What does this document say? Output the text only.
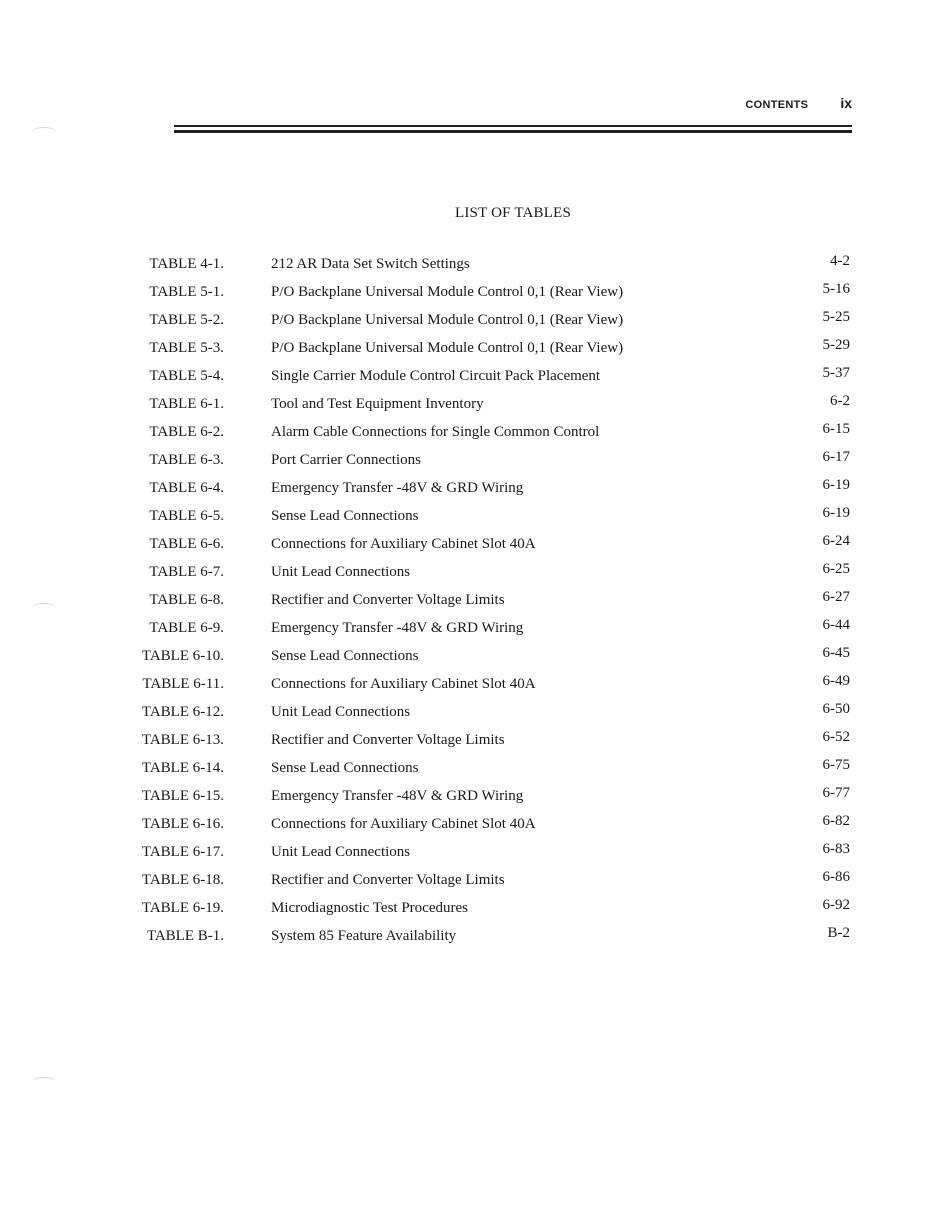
CONTENTS ix
LIST OF TABLES
TABLE 4-1.	212 AR Data Set Switch Settings	4-2
TABLE 5-1.	P/O Backplane Universal Module Control 0,1 (Rear View)	5-16
TABLE 5-2.	P/O Backplane Universal Module Control 0,1 (Rear View)	5-25
TABLE 5-3.	P/O Backplane Universal Module Control 0,1 (Rear View)	5-29
TABLE 5-4.	Single Carrier Module Control Circuit Pack Placement	5-37
TABLE 6-1.	Tool and Test Equipment Inventory	6-2
TABLE 6-2.	Alarm Cable Connections for Single Common Control	6-15
TABLE 6-3.	Port Carrier Connections	6-17
TABLE 6-4.	Emergency Transfer -48V & GRD Wiring	6-19
TABLE 6-5.	Sense Lead Connections	6-19
TABLE 6-6.	Connections for Auxiliary Cabinet Slot 40A	6-24
TABLE 6-7.	Unit Lead Connections	6-25
TABLE 6-8.	Rectifier and Converter Voltage Limits	6-27
TABLE 6-9.	Emergency Transfer -48V & GRD Wiring	6-44
TABLE 6-10.	Sense Lead Connections	6-45
TABLE 6-11.	Connections for Auxiliary Cabinet Slot 40A	6-49
TABLE 6-12.	Unit Lead Connections	6-50
TABLE 6-13.	Rectifier and Converter Voltage Limits	6-52
TABLE 6-14.	Sense Lead Connections	6-75
TABLE 6-15.	Emergency Transfer -48V & GRD Wiring	6-77
TABLE 6-16.	Connections for Auxiliary Cabinet Slot 40A	6-82
TABLE 6-17.	Unit Lead Connections	6-83
TABLE 6-18.	Rectifier and Converter Voltage Limits	6-86
TABLE 6-19.	Microdiagnostic Test Procedures	6-92
TABLE B-1.	System 85 Feature Availability	B-2
